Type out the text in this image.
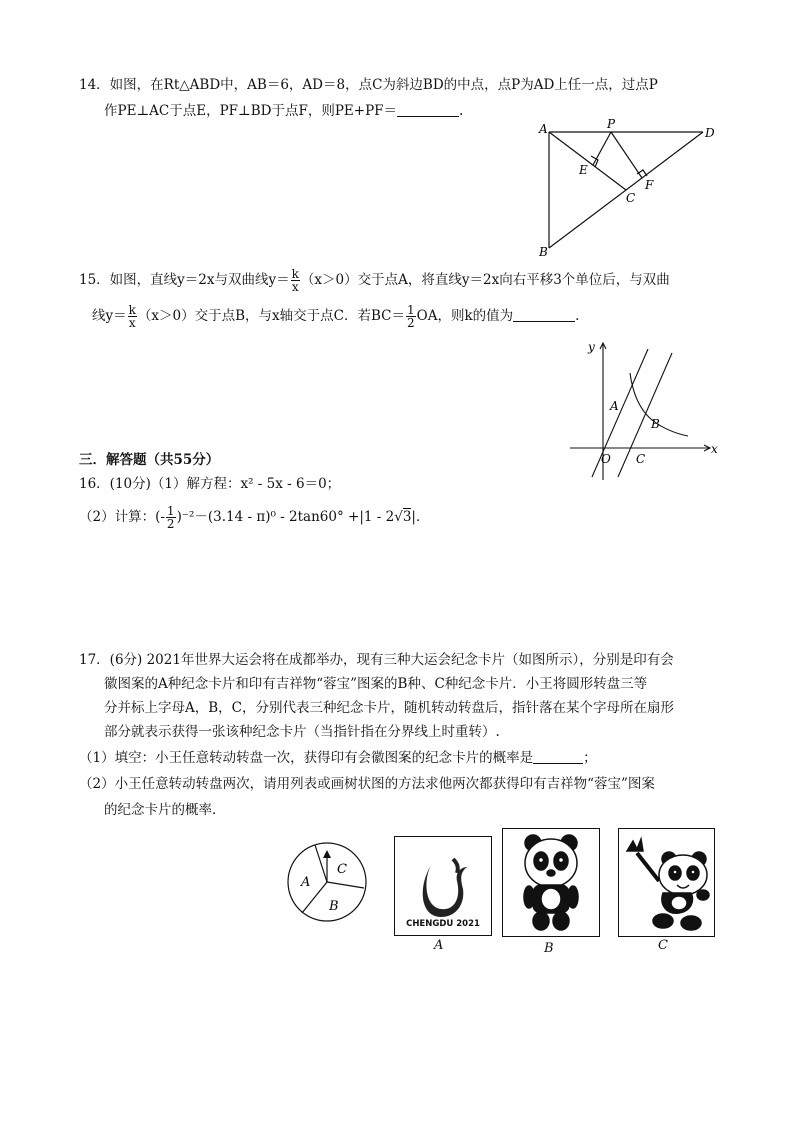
14．如图，在Rt△ABD中，AB＝6，AD＝8，点C为斜边BD的中点，点P为AD上任一点，过点P
作PE⊥AC于点E，PF⊥BD于点F，则PE+PF＝	.
A	P
D
E
F
C
B
15．如图，直线y＝2x与双曲线$y= \frac{k}{x} (x>0)$交于点A，将直线y＝2x向右平移3个单位后，与双曲
线$y= \frac{k}{x} (x>0)$交于点B，与x轴交于点C．若$BC= \frac{1}{2}$ OA，则k的值为	.
y
x
A
B
O C
三．解答题（共55分）
16．(10分)（1）解方程：x² - 5x - 6＝0；
（2）计算：(- $\frac{1}{2} )^{-2}-(3.14 - \pi)^0 - 2\tan 60^\circ +|1 - 2√3|$．
17．(6分) 2021年世界大运会将在成都举办，现有三种大运会纪念卡片（如图所示），分别是印有会
徽图案的A种纪念卡片和印有吉祥物“蓉宝”图案的B种、C种纪念卡片．小王将圆形转盘三等
分并标上字母A，B，C，分别代表三种纪念卡片，随机转动转盘后，指针落在某个字母所在扇形
部分就表示获得一张该种纪念卡片（当指针指在分界线上时重转）.
（1）填空：小王任意转动转盘一次，获得印有会徽图案的纪念卡片的概率是	；
（2）小王任意转动转盘两次，请用列表或画树状图的方法求他两次都获得印有吉祥物“蓉宝”图案
的纪念卡片的概率．
A
B
C
CHENGDU 2021
A	B	C
